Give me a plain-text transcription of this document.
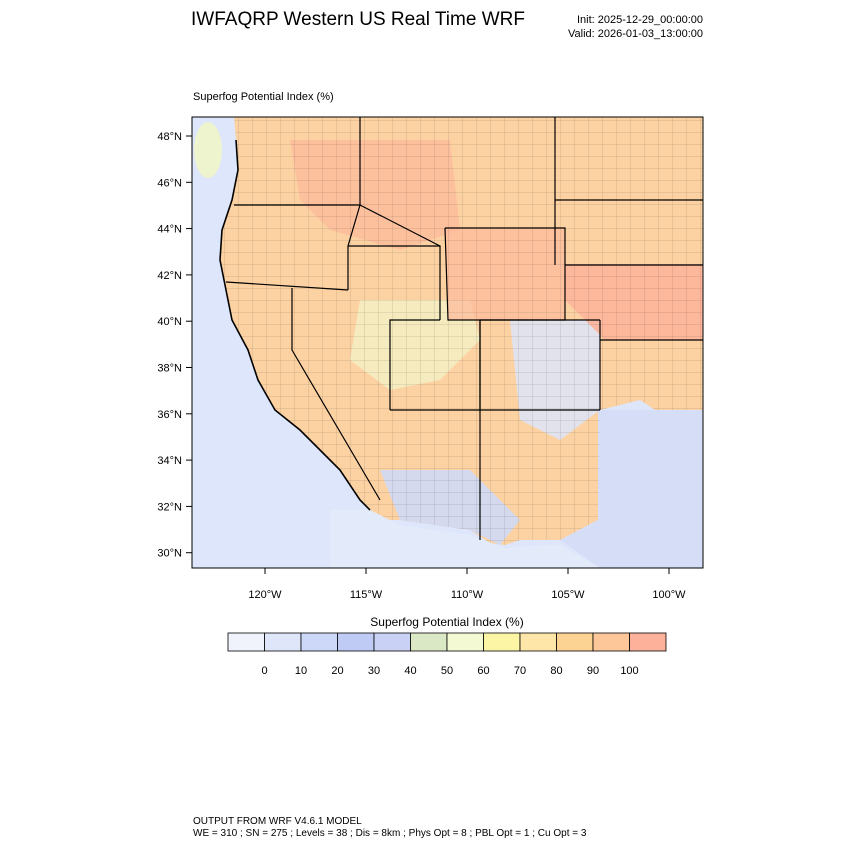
IWFAQRP Western US Real Time WRF	Init: 2025-12-29_00:00:00
Valid: 2026-01-03_13:00:00
Superfog Potential Index (%)
48°N
46°N
44°N
42°N
40°N
38°N
36°N
34°N
32°N
30°N
120°W	115°W	110°W	105°W	100°W
0 10 20 30 40 50 60 70 80 90 100
Superfog Potential Index (%)
OUTPUT FROM WRF V4.6.1 MODEL
WE = 310 ; SN = 275 ; Levels = 38 ; Dis = 8km ; Phys Opt = 8 ; PBL Opt = 1 ; Cu Opt = 3
